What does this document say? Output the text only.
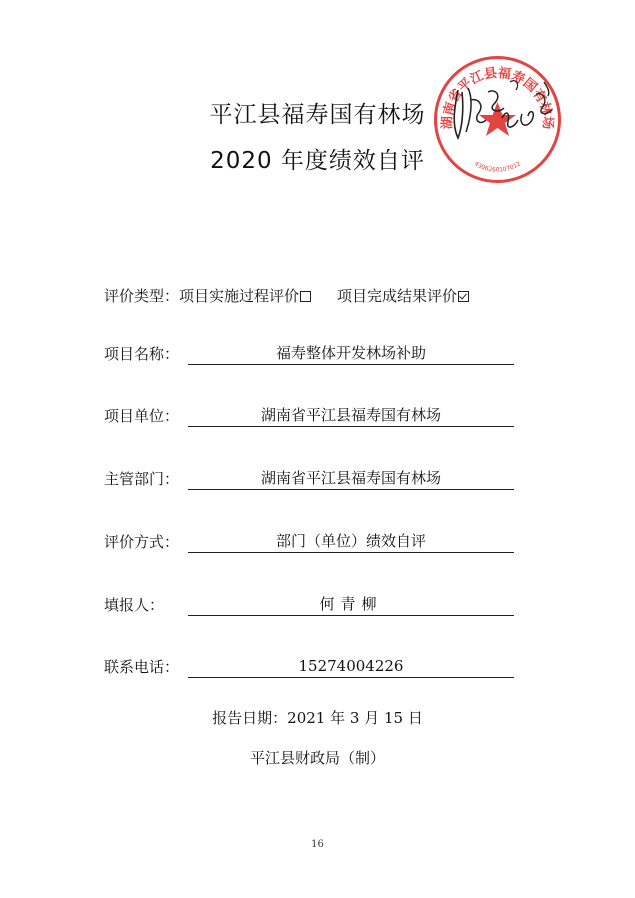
平江县福寿国有林场
2020 年度绩效自评
湖南省平江县福寿国有林场
4306260107012
评价类型：项目实施过程评价	项目完成结果评价
项目名称：	福寿整体开发林场补助
项目单位：	湖南省平江县福寿国有林场
主管部门：	湖南省平江县福寿国有林场
评价方式：	部门（单位）绩效自评
填报人：	何青柳
联系电话：	15274004226
报告日期：2021 年 3 月 15 日
平江县财政局（制）
16
